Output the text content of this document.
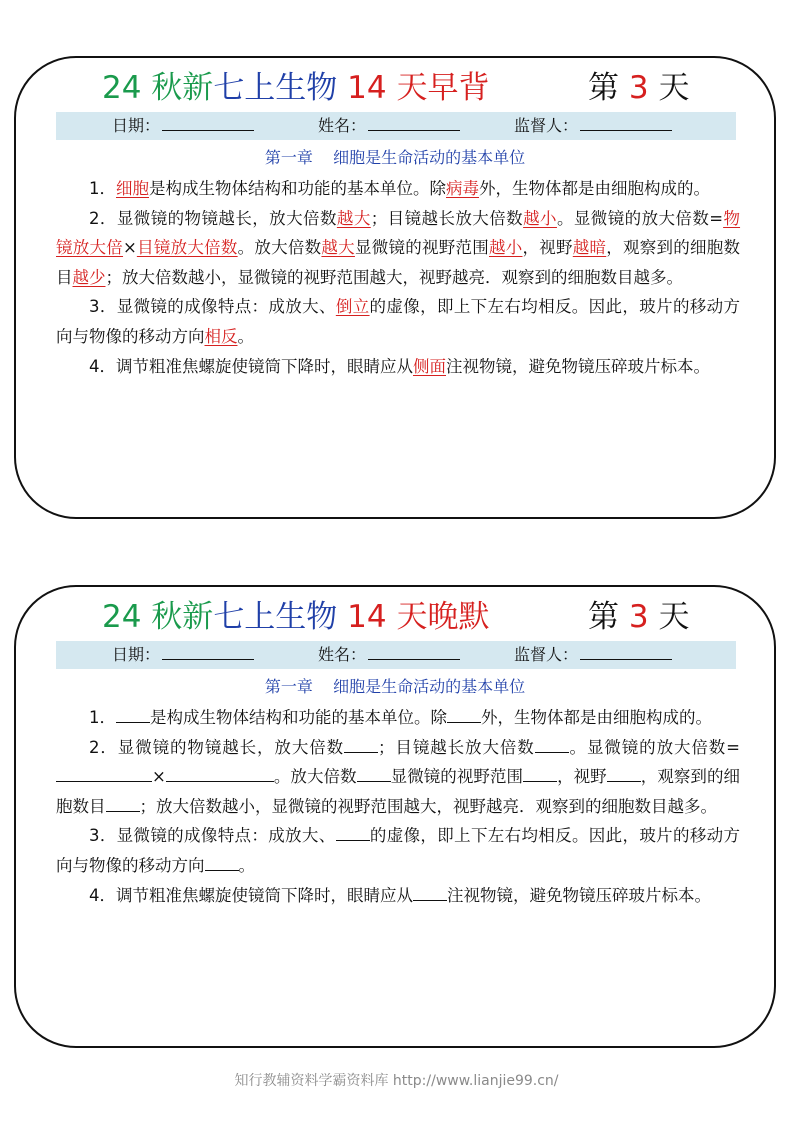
24 秋新七上生物 14 天早背	第 3 天
日期：	姓名：	监督人：
第一章    细胞是生命活动的基本单位

1．细胞是构成生物体结构和功能的基本单位。除病毒外，生物体都是由细胞构成的。

2．显微镜的物镜越长，放大倍数越大；目镜越长放大倍数越小。显微镜的放大倍数=物镜放大倍×目镜放大倍数。放大倍数越大显微镜的视野范围越小，视野越暗，观察到的细胞数目越少；放大倍数越小，显微镜的视野范围越大，视野越亮．观察到的细胞数目越多。

3．显微镜的成像特点：成放大、倒立的虚像，即上下左右均相反。因此，玻片的移动方向与物像的移动方向相反。

4．调节粗准焦螺旋使镜筒下降时，眼睛应从侧面注视物镜，避免物镜压碎玻片标本。

24 秋新七上生物 14 天晚默	第 3 天
日期：	姓名：	监督人：
第一章    细胞是生命活动的基本单位

1． 是构成生物体结构和功能的基本单位。除 外，生物体都是由细胞构成的。

2．显微镜的物镜越长，放大倍数 ；目镜越长放大倍数 。显微镜的放大倍数=×	。放大倍数 显微镜的视野范围 ，视野 ，观察到的细胞数目 ；放大倍数越小，显微镜的视野范围越大，视野越亮．观察到的细胞数目越多。

3．显微镜的成像特点：成放大、 的虚像，即上下左右均相反。因此，玻片的移动方向与物像的移动方向 。

4．调节粗准焦螺旋使镜筒下降时，眼睛应从 注视物镜，避免物镜压碎玻片标本。

知行教辅资料学霸资料库 http://www.lianjie99.cn/
